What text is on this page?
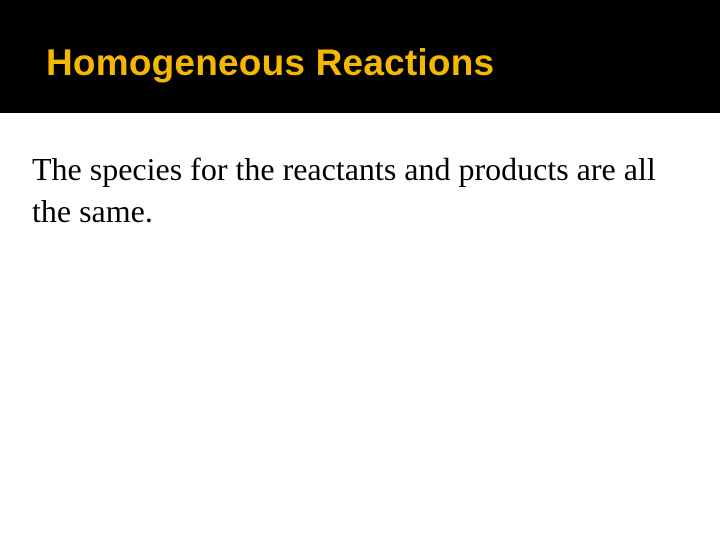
Homogeneous Reactions

The species for the reactants and products are all the same.
